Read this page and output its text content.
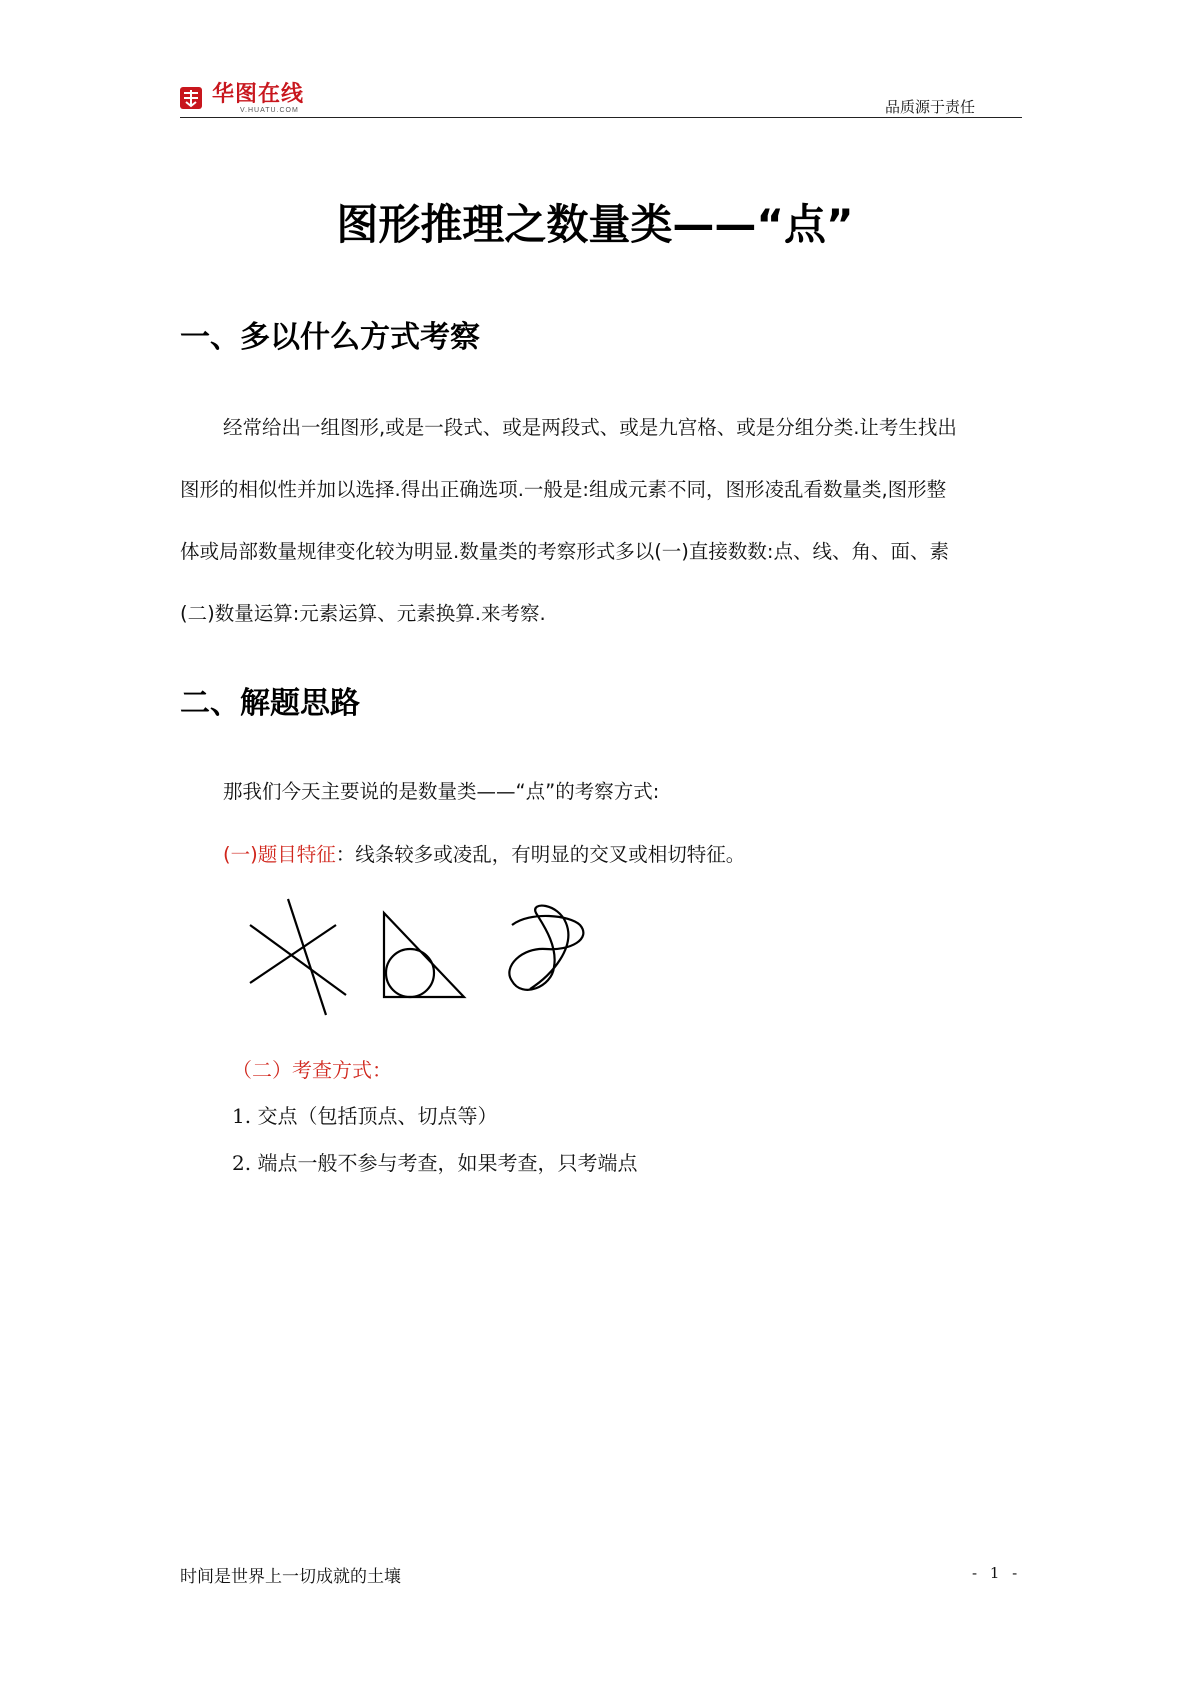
华图在线
V.HUATU.COM	品质源于责任
图形推理之数量类——“点”
一、多以什么方式考察
经常给出一组图形,或是一段式、或是两段式、或是九宫格、或是分组分类.让考生找出
图形的相似性并加以选择.得出正确选项.一般是:组成元素不同，图形凌乱看数量类,图形整
体或局部数量规律变化较为明显.数量类的考察形式多以(一)直接数数:点、线、角、面、素
(二)数量运算:元素运算、元素换算.来考察.
二、解题思路
那我们今天主要说的是数量类——“点”的考察方式:
(一)题目特征：线条较多或凌乱，有明显的交叉或相切特征。
（二）考查方式：
1. 交点（包括顶点、切点等）
2. 端点一般不参与考查，如果考查，只考端点
时间是世界上一切成就的土壤	- 1 -
